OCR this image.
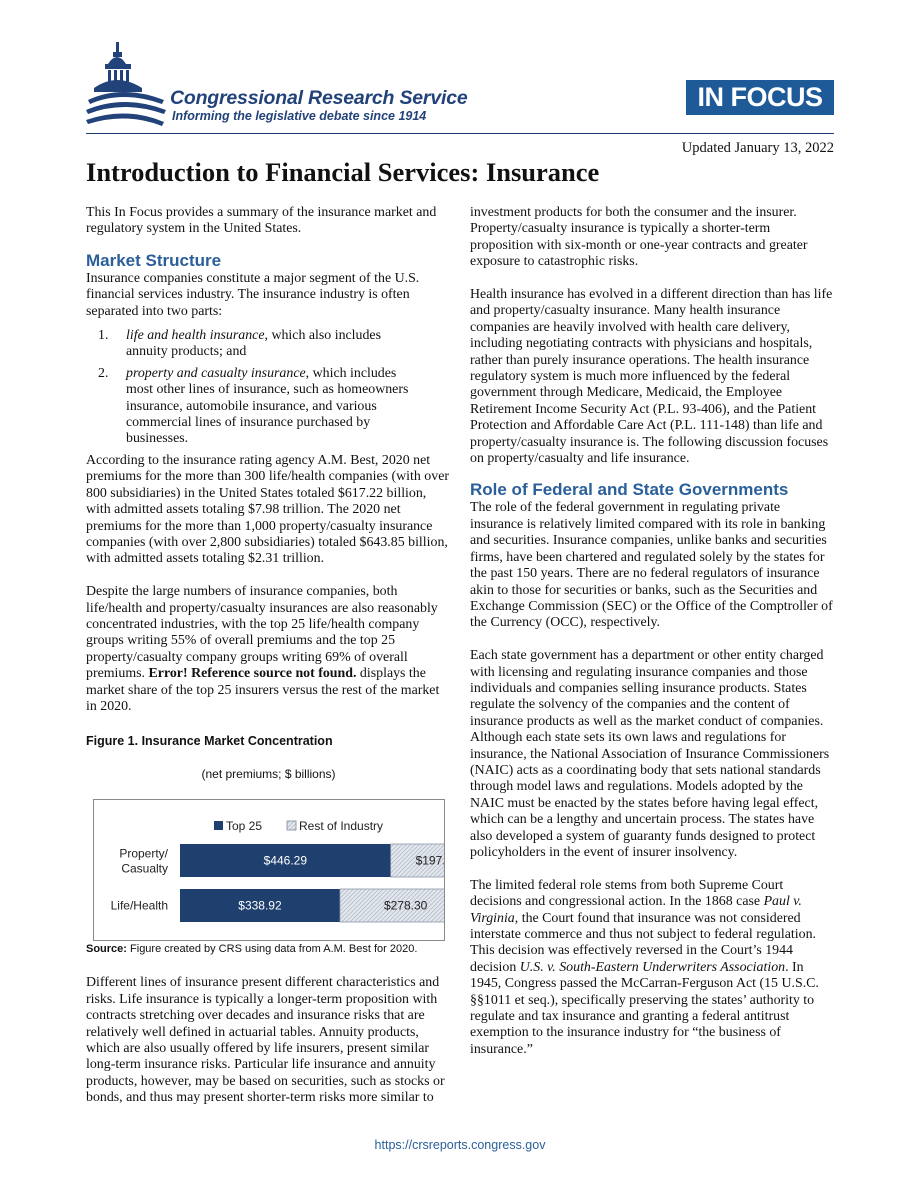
Congressional Research Service
Informing the legislative debate since 1914
IN FOCUS
Updated January 13, 2022
Introduction to Financial Services: Insurance

This In Focus provides a summary of the insurance market and regulatory system in the United States.

Market Structure

Insurance companies constitute a major segment of the U.S. financial services industry. The insurance industry is often separated into two parts:

1. life and health insurance, which also includes annuity products; and
2. property and casualty insurance, which includes most other lines of insurance, such as homeowners insurance, automobile insurance, and various commercial lines of insurance purchased by businesses.

According to the insurance rating agency A.M. Best, 2020 net premiums for the more than 300 life/health companies (with over 800 subsidiaries) in the United States totaled $617.22 billion, with admitted assets totaling $7.98 trillion. The 2020 net premiums for the more than 1,000 property/casualty insurance companies (with over 2,800 subsidiaries) totaled $643.85 billion, with admitted assets totaling $2.31 trillion.

Despite the large numbers of insurance companies, both life/health and property/casualty insurances are also reasonably concentrated industries, with the top 25 life/health company groups writing 55% of overall premiums and the top 25 property/casualty company groups writing 69% of overall premiums. Error! Reference source not found. displays the market share of the top 25 insurers versus the rest of the market in 2020.

Figure 1. Insurance Market Concentration

(net premiums; $ billions)

Top 25	Rest of Industry
$446.29	$197
Property/
Casualty
$338.92	$278.30
Life/Health

Source: Figure created by CRS using data from A.M. Best for 2020.

Different lines of insurance present different characteristics and risks. Life insurance is typically a longer-term proposition with contracts stretching over decades and insurance risks that are relatively well defined in actuarial tables. Annuity products, which are also usually offered by life insurers, present similar long-term insurance risks. Particular life insurance and annuity products, however, may be based on securities, such as stocks or bonds, and thus may present shorter-term risks more similar to

investment products for both the consumer and the insurer. Property/casualty insurance is typically a shorter-term proposition with six-month or one-year contracts and greater exposure to catastrophic risks.

Health insurance has evolved in a different direction than has life and property/casualty insurance. Many health insurance companies are heavily involved with health care delivery, including negotiating contracts with physicians and hospitals, rather than purely insurance operations. The health insurance regulatory system is much more influenced by the federal government through Medicare, Medicaid, the Employee Retirement Income Security Act (P.L. 93-406), and the Patient Protection and Affordable Care Act (P.L. 111-148) than life and property/casualty insurance is. The following discussion focuses on property/casualty and life insurance.

Role of Federal and State Governments

The role of the federal government in regulating private insurance is relatively limited compared with its role in banking and securities. Insurance companies, unlike banks and securities firms, have been chartered and regulated solely by the states for the past 150 years. There are no federal regulators of insurance akin to those for securities or banks, such as the Securities and Exchange Commission (SEC) or the Office of the Comptroller of the Currency (OCC), respectively.

Each state government has a department or other entity charged with licensing and regulating insurance companies and those individuals and companies selling insurance products. States regulate the solvency of the companies and the content of insurance products as well as the market conduct of companies. Although each state sets its own laws and regulations for insurance, the National Association of Insurance Commissioners (NAIC) acts as a coordinating body that sets national standards through model laws and regulations. Models adopted by the NAIC must be enacted by the states before having legal effect, which can be a lengthy and uncertain process. The states have also developed a system of guaranty funds designed to protect policyholders in the event of insurer insolvency.

The limited federal role stems from both Supreme Court decisions and congressional action. In the 1868 case Paul v. Virginia, the Court found that insurance was not considered interstate commerce and thus not subject to federal regulation. This decision was effectively reversed in the Court’s 1944 decision U.S. v. South-Eastern Underwriters Association. In 1945, Congress passed the McCarran-Ferguson Act (15 U.S.C. §§1011 et seq.), specifically preserving the states’ authority to regulate and tax insurance and granting a federal antitrust exemption to the insurance industry for “the business of insurance.”

https://crsreports.congress.gov
